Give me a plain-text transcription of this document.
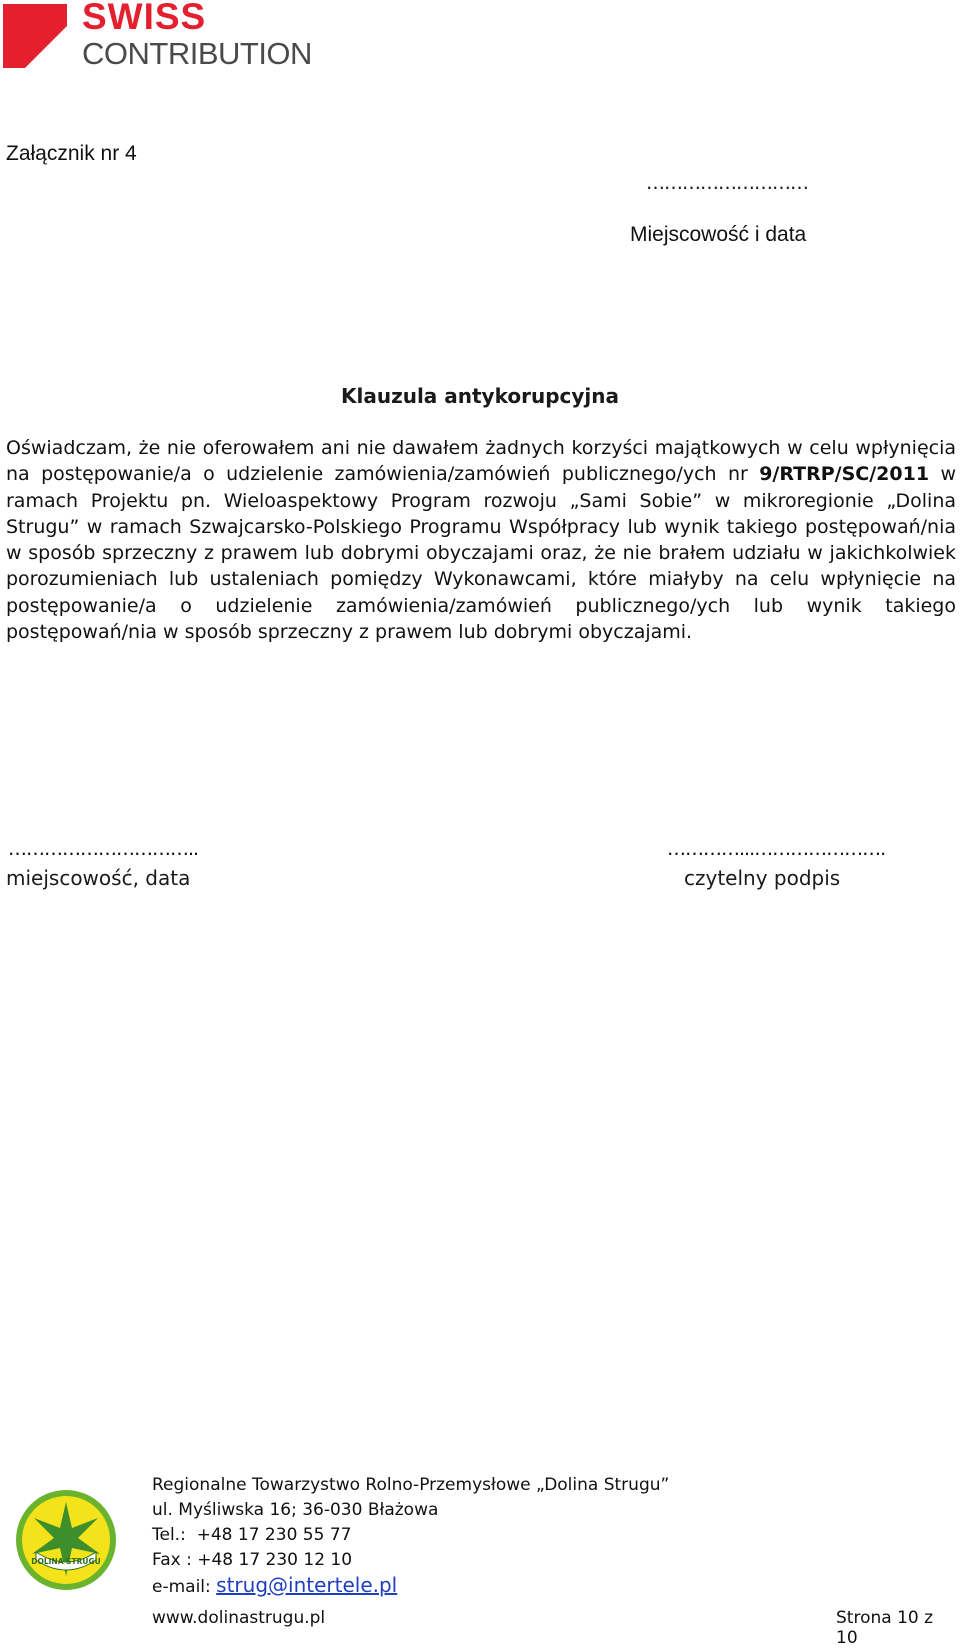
SWISS
CONTRIBUTION
Załącznik nr 4
………………………
Miejscowość i data
Klauzula antykorupcyjna
Oświadczam, że nie oferowałem ani nie dawałem żadnych korzyści majątkowych w celu wpłynięcia na postępowanie/a o udzielenie zamówienia/zamówień publicznego/ych nr 9/RTRP/SC/2011 w ramach Projektu pn. Wieloaspektowy Program rozwoju „Sami Sobie” w mikroregionie „Dolina Strugu” w ramach Szwajcarsko-Polskiego Programu Współpracy lub wynik takiego postępowań/nia w sposób sprzeczny z prawem lub dobrymi obyczajami oraz, że nie brałem udziału w jakichkolwiek porozumieniach lub ustaleniach pomiędzy Wykonawcami, które miałyby na celu wpłynięcie na postępowanie/a o udzielenie zamówienia/zamówień publicznego/ych lub wynik takiego postępowań/nia w sposób sprzeczny z prawem lub dobrymi obyczajami.
…………………………..
miejscowość, data
…………...………………….
czytelny podpis
DOLINA STRUGU
Regionalne Towarzystwo Rolno-Przemysłowe „Dolina Strugu”
ul. Myśliwska 16; 36-030 Błażowa
Tel.:  +48 17 230 55 77
Fax : +48 17 230 12 10
e-mail: strug@intertele.pl
www.dolinastrugu.pl	Strona 10 z 10
